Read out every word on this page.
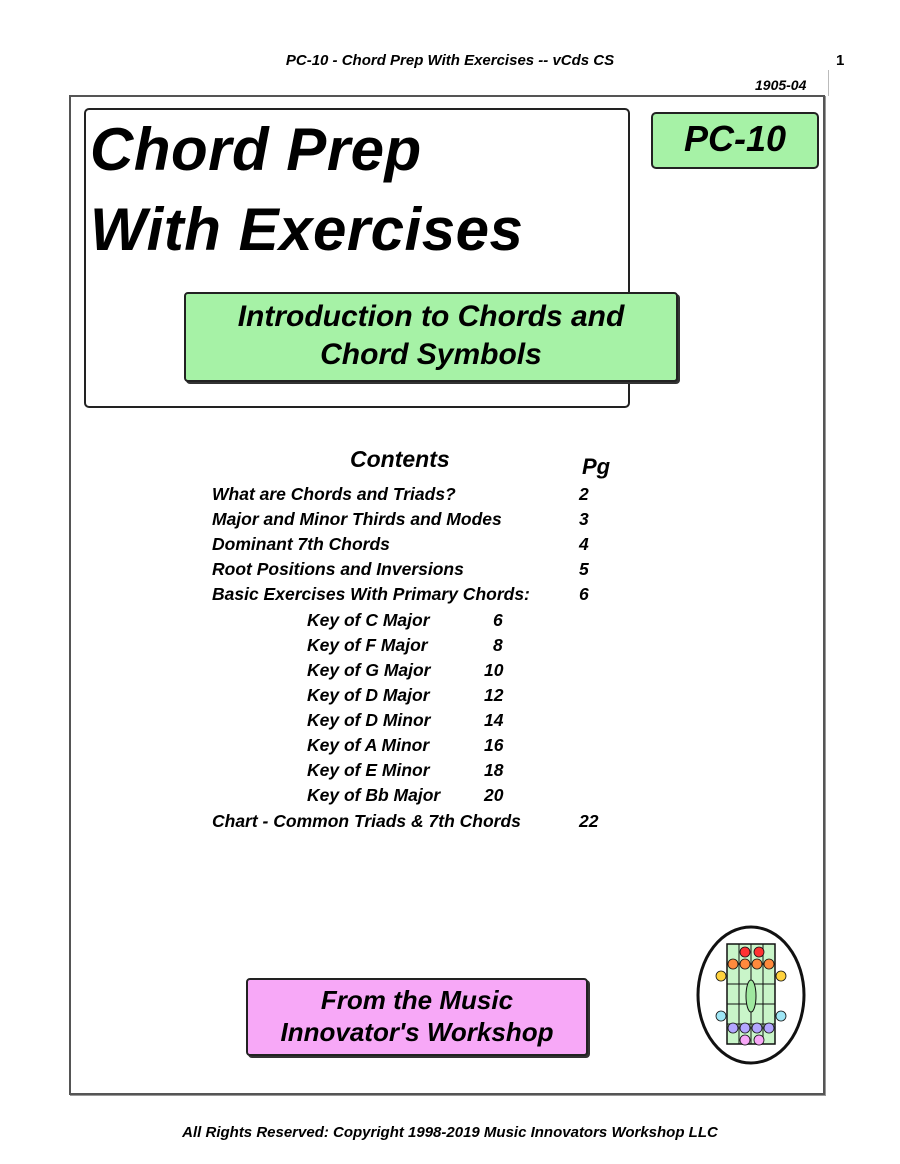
PC-10 - Chord Prep With Exercises -- vCds CS	1
1905-04
Chord Prep
With Exercises
PC-10
Introduction to Chords and
Chord Symbols
Contents	Pg
What are Chords and Triads?	2
Major and Minor Thirds and Modes	3
Dominant 7th Chords	4
Root Positions and Inversions	5
Basic Exercises With Primary Chords:	6
Key of C Major	6
Key of F Major	8
Key of G Major	10
Key of D Major	12
Key of D Minor	14
Key of A Minor	16
Key of E Minor	18
Key of Bb Major	20
Chart - Common Triads & 7th Chords	22
From the Music
Innovator's Workshop
All Rights Reserved: Copyright 1998-2019 Music Innovators Workshop LLC
